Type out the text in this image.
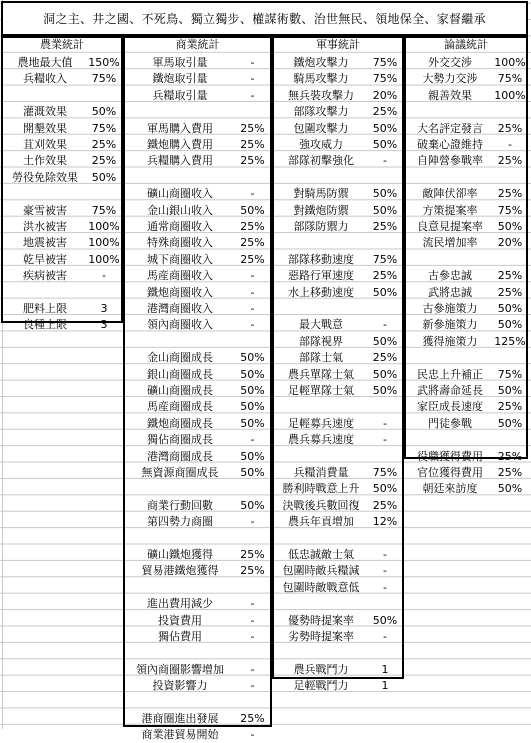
洞之主、井之國、不死鳥、獨立獨步、權謀術數、治世無民、領地保全、家督繼承
農業統計
農地最大值	150%
兵糧收入	75%
灌溉效果	50%
開墾效果	75%
苴刈效果	25%
土作效果	25%
勞役免除效果	50%
豪雪被害	75%
洪水被害	100%
地震被害	100%
乾旱被害	100%
疾病被害	-
肥料上限	3
良種上限	3
商業統計
軍馬取引量	-
鐵炮取引量	-
兵糧取引量	-
軍馬購入費用	25%
鐵炮購入費用	25%
兵糧購入費用	25%
礦山商圈收入	-
金山銀山收入	50%
通常商圈收入	25%
特殊商圈收入	25%
城下商圈收入	25%
馬産商圈收入	-
鐵炮商圈收入	-
港灣商圈收入	-
領內商圈收入	-
金山商圈成長	50%
銀山商圈成長	50%
礦山商圈成長	50%
馬産商圈成長	50%
鐵炮商圈成長	50%
獨佔商圈成長	-
港灣商圈成長	50%
無資源商圈成長	50%
商業行動回數	50%
第四勢力商圈	-
礦山鐵炮獲得	25%
貿易港鐵炮獲得	25%
進出費用減少	-
投資費用	-
獨佔費用	-
領內商圈影響增加	-
投資影響力	-
港商圈進出發展	25%
商業港貿易開始	-
軍事統計
鐵炮攻擊力	75%
騎馬攻擊力	75%
無兵裝攻擊力	20%
部隊攻擊力	25%
包圍攻擊力	50%
強攻威力	50%
部隊初擊強化	-
對騎馬防禦	50%
對鐵炮防禦	50%
部隊防禦力	25%
部隊移動速度	75%
惡路行軍速度	25%
水上移動速度	50%
最大戰意	-
部隊視界	50%
部隊士氣	25%
農兵單隊士氣	50%
足輕單隊士氣	50%
足輕募兵速度	-
農兵募兵速度	-
兵糧消費量	75%
勝利時戰意上升	50%
決戰後兵數回復	25%
農兵年貢增加	12%
低忠誠敵士氣	-
包圍時敵兵糧減	-
包圍時敵戰意低	-
優勢時提案率	50%
劣勢時提案率	-
農兵戰鬥力	1
足輕戰鬥力	1
論議統計
外交交涉	100%
大勢力交涉	75%
親善效果	100%
大名評定發言	25%
破棄心證維持	-
自陣營參戰率	25%
敵陣伏卻率	25%
方策提案率	75%
良意見提案率	50%
流民增加率	20%
古參忠誠	25%
武將忠誠	25%
古參施策力	50%
新參施策力	50%
獲得施策力	125%
民忠上升補正	75%
武將壽命延長	50%
家臣成長速度	25%
門徒參戰	50%
役職獲得費用	25%
官位獲得費用	25%
朝廷來訪度	50%
